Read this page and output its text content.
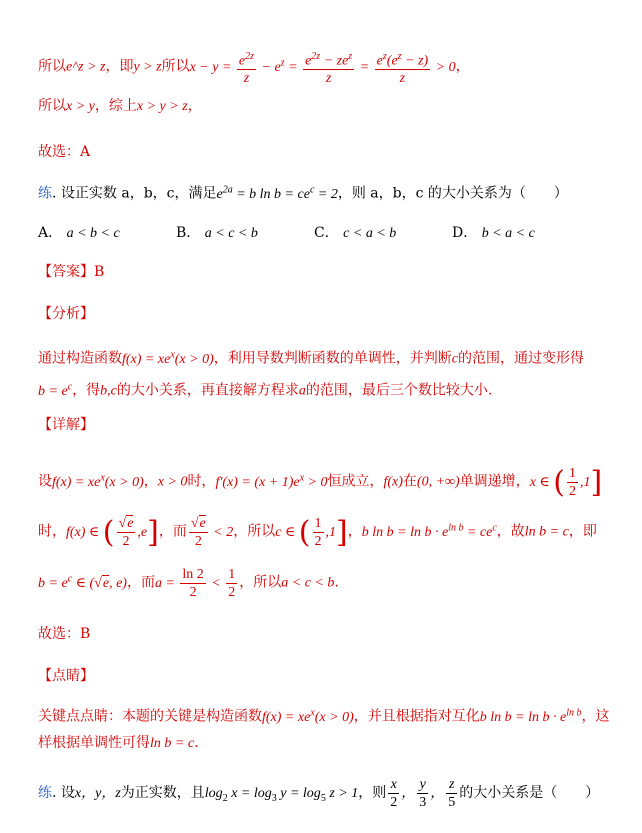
所以e^z > z，即y > z所以$x - y = \frac{e^{2z}}{z} - e^z = \frac{e^{2z} - ze^z}{z} = \frac{e^z(e^z - z)}{z} > 0$，
所以x > y，综上x > y > z，
故选：A
练. 设正实数 a，b，c，满足$e^{2a} = b$ $\ln b = ce^c = 2$，则 a，b，c 的大小关系为（　　）
A． a < b < c	B． a < c < b	C． c < a < b	D． b < a < c
【答案】B
【分析】
通过构造函数$f(x) = xe^x(x > 0)$，利用导数判断函数的单调性，并判断c的范围，通过变形得
$b = e^c$，得b,c的大小关系，再直接解方程求a的范围，最后三个数比较大小.
【详解】
设$f(x) = xe^x(x > 0)$，x > 0时，$f'(x) = (x + 1)e^x > 0$恒成立，f(x)在(0, +∞)单调递增，x ∈ ( $\frac{1}{2} ,1$]
时，f(x) ∈ ( $\frac{√e}{2} ,e$]，而 $\frac{√e}{2} < 2$，所以c ∈ ( $\frac{1}{2} ,1$]，b $\ln b = \ln b \cdot e^{ln b} = ce^c$，故ln b = c，即
$b = e^c$ ∈ (√e, e)，而$a = \frac{\ln 2}{2} < \frac{1}{2}$ ，所以a < c < b.
故选：B
【点睛】
关键点点睛：本题的关键是构造函数$f(x) = xe^x(x > 0)$，并且根据指对互化b $\ln b = \ln b \cdot e^{ln b}$，这
样根据单调性可得ln b = c.
练. 设x，y，z为正实数，且$\log_2 x = \log_3 y = \log_5 z > 1$，则 $\frac{x}{2}$ ， $\frac{y}{3}$ ， $\frac{z}{5}$ 的大小关系是（　　）
